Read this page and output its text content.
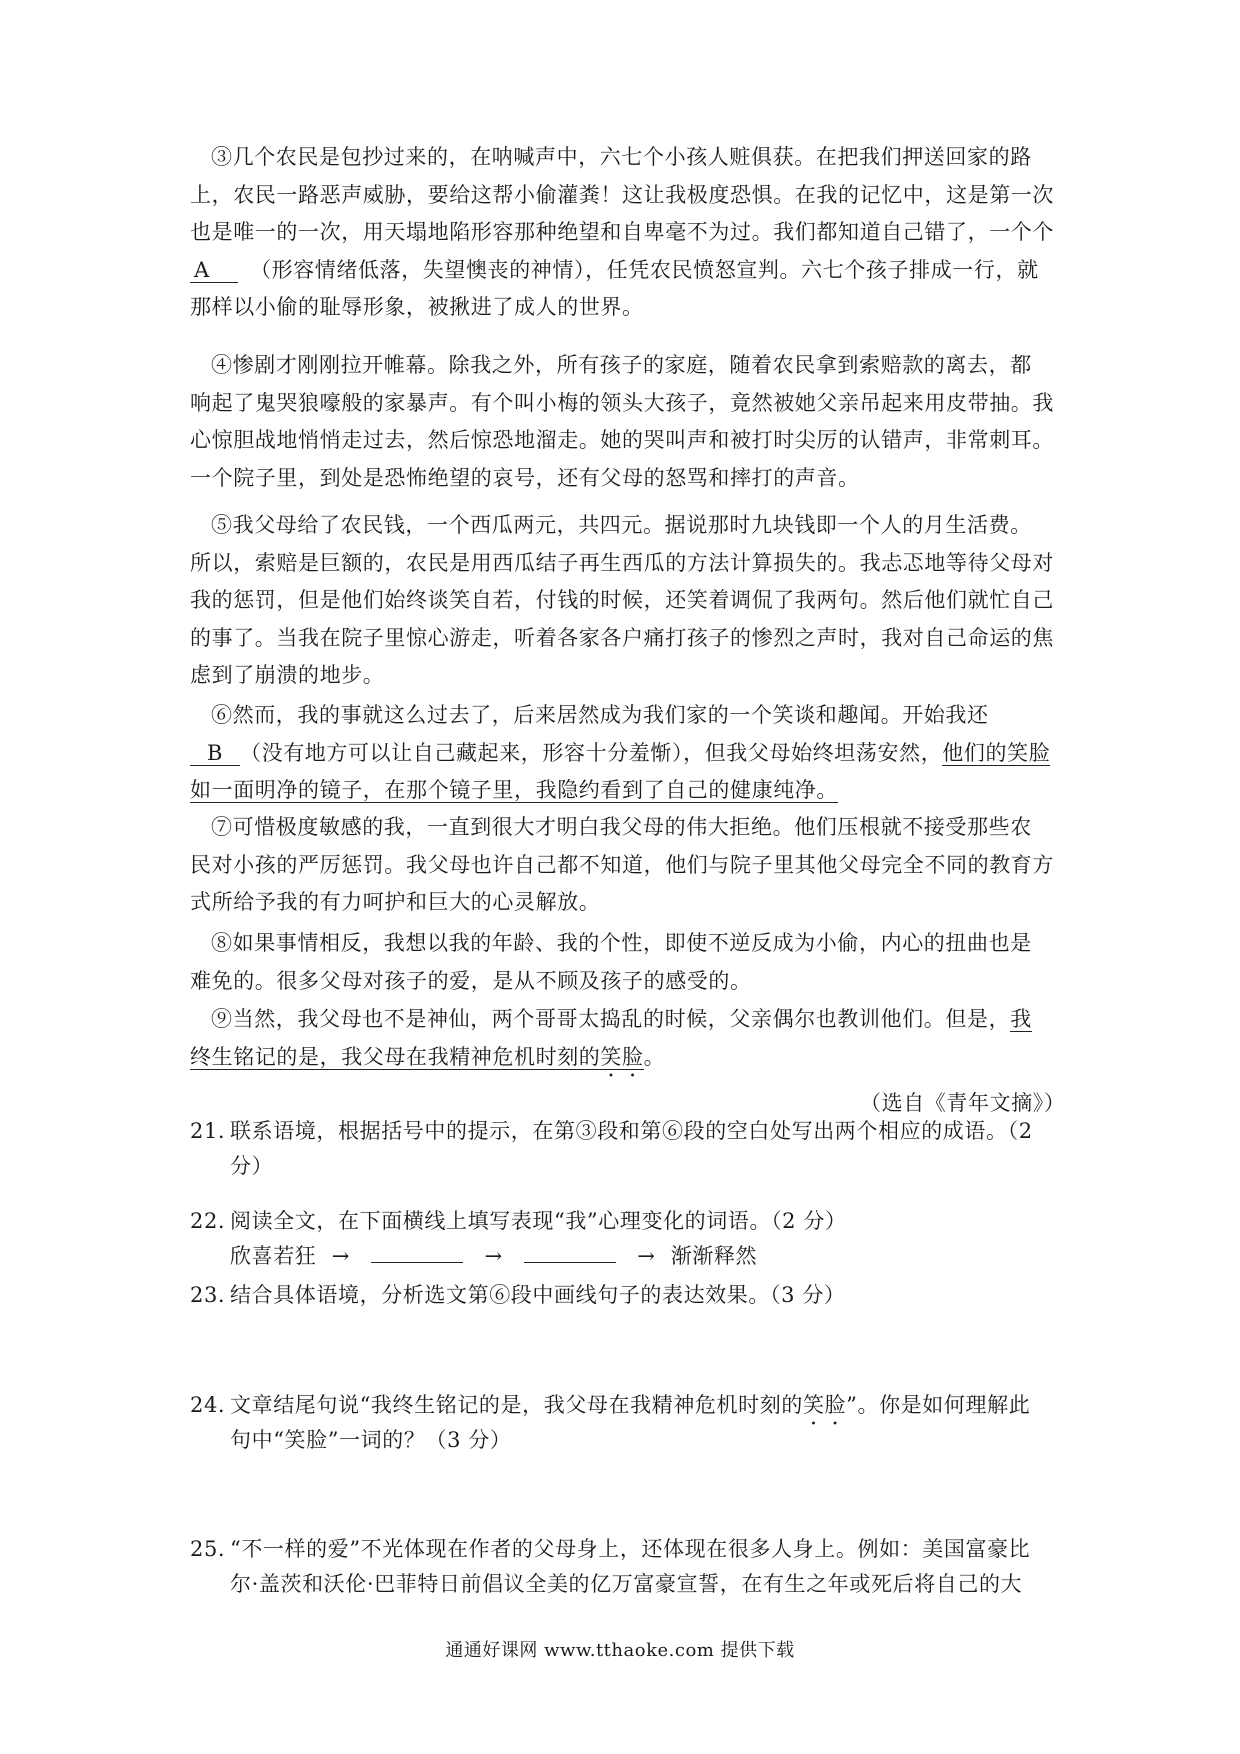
③几个农民是包抄过来的，在呐喊声中，六七个小孩人赃俱获。在把我们押送回家的路
上，农民一路恶声威胁，要给这帮小偷灌粪！这让我极度恐惧。在我的记忆中，这是第一次
也是唯一的一次，用天塌地陷形容那种绝望和自卑毫不为过。我们都知道自己错了，一个个
A （形容情绪低落，失望懊丧的神情），任凭农民愤怒宣判。六七个孩子排成一行，就
那样以小偷的耻辱形象，被揪进了成人的世界。
④惨剧才刚刚拉开帷幕。除我之外，所有孩子的家庭，随着农民拿到索赔款的离去，都
响起了鬼哭狼嚎般的家暴声。有个叫小梅的领头大孩子，竟然被她父亲吊起来用皮带抽。我
心惊胆战地悄悄走过去，然后惊恐地溜走。她的哭叫声和被打时尖厉的认错声，非常刺耳。
一个院子里，到处是恐怖绝望的哀号，还有父母的怒骂和摔打的声音。
⑤我父母给了农民钱，一个西瓜两元，共四元。据说那时九块钱即一个人的月生活费。
所以，索赔是巨额的，农民是用西瓜结子再生西瓜的方法计算损失的。我忐忑地等待父母对
我的惩罚，但是他们始终谈笑自若，付钱的时候，还笑着调侃了我两句。然后他们就忙自己
的事了。当我在院子里惊心游走，听着各家各户痛打孩子的惨烈之声时，我对自己命运的焦
虑到了崩溃的地步。
⑥然而，我的事就这么过去了，后来居然成为我们家的一个笑谈和趣闻。开始我还
B （没有地方可以让自己藏起来，形容十分羞惭），但我父母始终坦荡安然，他们的笑脸
如一面明净的镜子，在那个镜子里，我隐约看到了自己的健康纯净。
⑦可惜极度敏感的我，一直到很大才明白我父母的伟大拒绝。他们压根就不接受那些农
民对小孩的严厉惩罚。我父母也许自己都不知道，他们与院子里其他父母完全不同的教育方
式所给予我的有力呵护和巨大的心灵解放。
⑧如果事情相反，我想以我的年龄、我的个性，即使不逆反成为小偷，内心的扭曲也是
难免的。很多父母对孩子的爱，是从不顾及孩子的感受的。
⑨当然，我父母也不是神仙，两个哥哥太捣乱的时候，父亲偶尔也教训他们。但是，我
终生铭记的是，我父母在我精神危机时刻的笑脸。
（选自《青年文摘》）
21. 联系语境，根据括号中的提示，在第③段和第⑥段的空白处写出两个相应的成语。（2
分）
22. 阅读全文，在下面横线上填写表现“我”心理变化的词语。（2 分）
欣喜若狂 →	→	→ 渐渐释然
23. 结合具体语境，分析选文第⑥段中画线句子的表达效果。（3 分）
24. 文章结尾句说“我终生铭记的是，我父母在我精神危机时刻的笑脸”。你是如何理解此
句中“笑脸”一词的？（3 分）
25. “不一样的爱”不光体现在作者的父母身上，还体现在很多人身上。例如：美国富豪比
尔·盖茨和沃伦·巴菲特日前倡议全美的亿万富豪宣誓，在有生之年或死后将自己的大
通通好课网 www.tthaoke.com 提供下载
